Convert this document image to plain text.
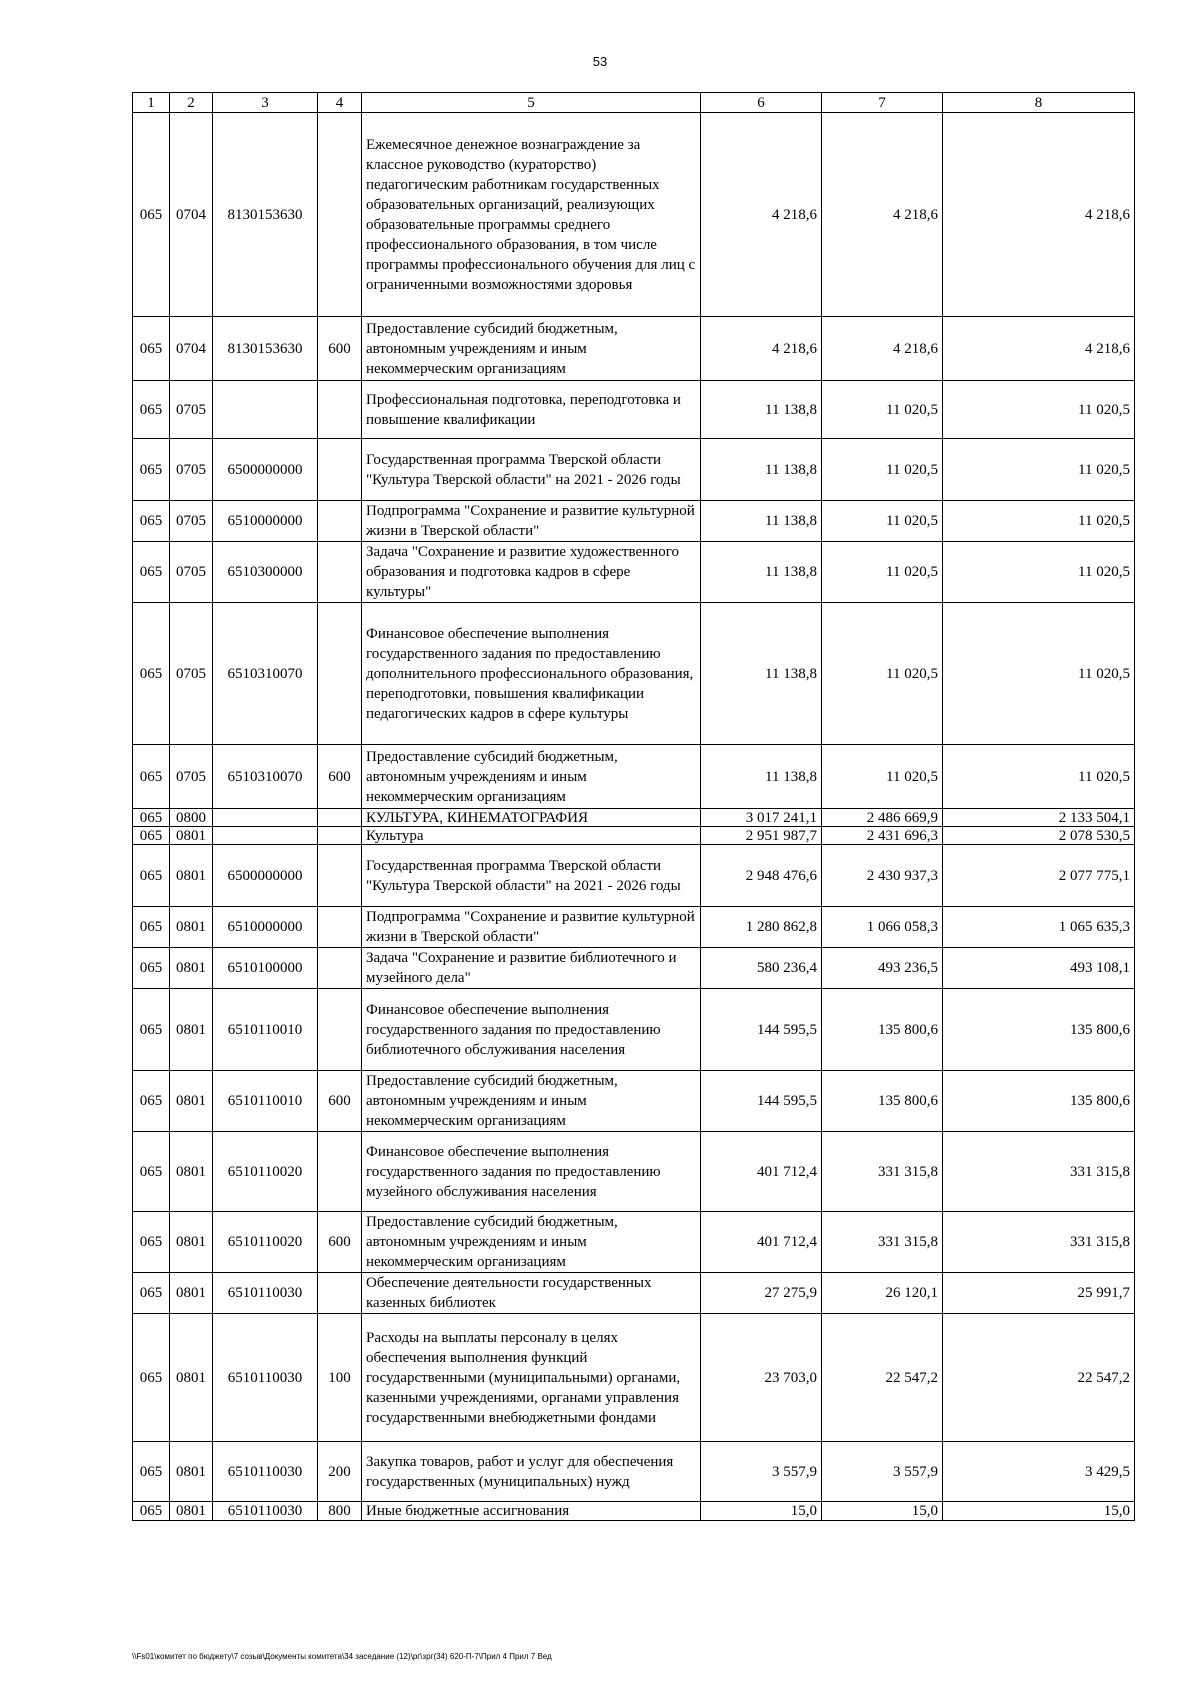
53
1	2	3	4	5	6	7	8
065	0704	8130153630		Ежемесячное денежное вознаграждение за классное руководство (кураторство) педагогическим работникам государственных образовательных организаций, реализующих образовательные программы среднего профессионального образования, в том числе программы профессионального обучения для лиц с ограниченными возможностями здоровья	4 218,6	4 218,6	4 218,6
065	0704	8130153630	600	Предоставление субсидий бюджетным, автономным учреждениям и иным некоммерческим организациям	4 218,6	4 218,6	4 218,6
065	0705			Профессиональная подготовка, переподготовка и повышение квалификации	11 138,8	11 020,5	11 020,5
065	0705	6500000000		Государственная программа Тверской области "Культура Тверской области" на 2021 - 2026 годы	11 138,8	11 020,5	11 020,5
065	0705	6510000000		Подпрограмма "Сохранение и развитие культурной жизни в Тверской области"	11 138,8	11 020,5	11 020,5
065	0705	6510300000		Задача "Сохранение и развитие художественного образования и подготовка кадров в сфере культуры"	11 138,8	11 020,5	11 020,5
065	0705	6510310070		Финансовое обеспечение выполнения государственного задания по предоставлению дополнительного профессионального образования, переподготовки, повышения квалификации педагогических кадров в сфере культуры	11 138,8	11 020,5	11 020,5
065	0705	6510310070	600	Предоставление субсидий бюджетным, автономным учреждениям и иным некоммерческим организациям	11 138,8	11 020,5	11 020,5
065	0800			КУЛЬТУРА, КИНЕМАТОГРАФИЯ	3 017 241,1	2 486 669,9	2 133 504,1
065	0801			Культура	2 951 987,7	2 431 696,3	2 078 530,5
065	0801	6500000000		Государственная программа Тверской области "Культура Тверской области" на 2021 - 2026 годы	2 948 476,6	2 430 937,3	2 077 775,1
065	0801	6510000000		Подпрограмма "Сохранение и развитие культурной жизни в Тверской области"	1 280 862,8	1 066 058,3	1 065 635,3
065	0801	6510100000		Задача "Сохранение и развитие библиотечного и музейного дела"	580 236,4	493 236,5	493 108,1
065	0801	6510110010		Финансовое обеспечение выполнения государственного задания по предоставлению библиотечного обслуживания населения	144 595,5	135 800,6	135 800,6
065	0801	6510110010	600	Предоставление субсидий бюджетным, автономным учреждениям и иным некоммерческим организациям	144 595,5	135 800,6	135 800,6
065	0801	6510110020		Финансовое обеспечение выполнения государственного задания по предоставлению музейного обслуживания населения	401 712,4	331 315,8	331 315,8
065	0801	6510110020	600	Предоставление субсидий бюджетным, автономным учреждениям и иным некоммерческим организациям	401 712,4	331 315,8	331 315,8
065	0801	6510110030		Обеспечение деятельности государственных казенных библиотек	27 275,9	26 120,1	25 991,7
065	0801	6510110030	100	Расходы на выплаты персоналу в целях обеспечения выполнения функций государственными (муниципальными) органами, казенными учреждениями, органами управления государственными внебюджетными фондами	23 703,0	22 547,2	22 547,2
065	0801	6510110030	200	Закупка товаров, работ и услуг для обеспечения государственных (муниципальных) нужд	3 557,9	3 557,9	3 429,5
065	0801	6510110030	800	Иные бюджетные ассигнования	15,0	15,0	15,0
\\Fs01\комитет по бюджету\7 созыв\Документы комитета\34 заседание (12)\рг\зрг(34) 620-П-7\Прил 4 Прил 7 Вед
